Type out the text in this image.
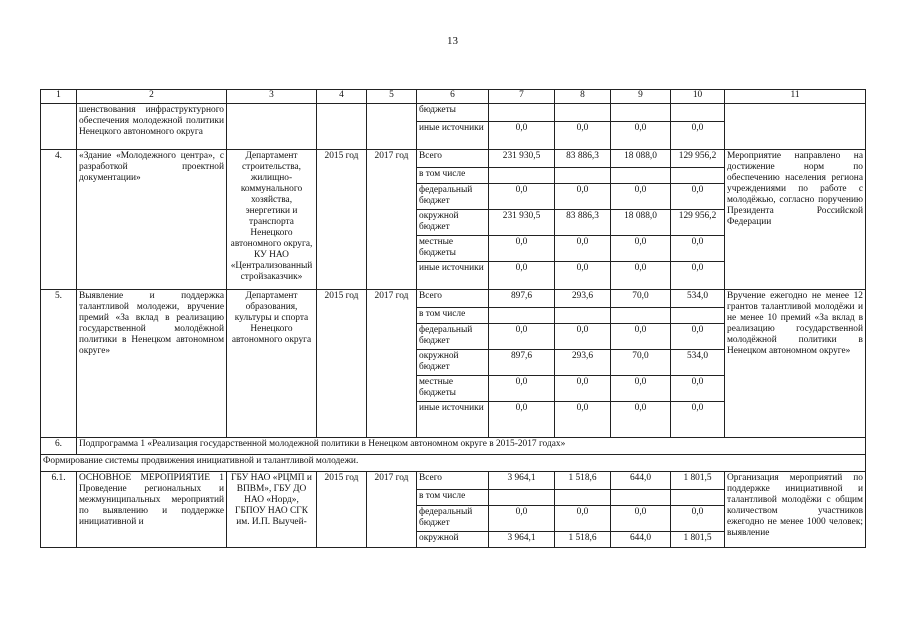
13
1	2	3	4	5	6	7	8	9	10	11
	шенствования инфраструктурного обеспечения молодежной политики Ненецкого автономного округа				бюджеты					
					иные источники	0,0	0,0	0,0	0,0	
4.	«Здание «Молодежного центра», с разработкой проектной документации»	Департамент строительства, жилищно-коммунального хозяйства, энергетики и транспорта Ненецкого автономного округа, КУ НАО «Централизованный стройзаказчик»	2015 год	2017 год	Всего	231 930,5	83 886,3	18 088,0	129 956,2	Мероприятие направлено на достижение норм по обеспечению населения региона учреждениями по работе с молодёжью, согласно поручению Президента Российской Федерации
					в том числе					
					федеральный бюджет	0,0	0,0	0,0	0,0	
					окружной бюджет	231 930,5	83 886,3	18 088,0	129 956,2	
					местные бюджеты	0,0	0,0	0,0	0,0	
					иные источники	0,0	0,0	0,0	0,0	
5.	Выявление и поддержка талантливой молодежи, вручение премий «За вклад в реализацию государственной молодёжной политики в Ненецком автономном округе»	Департамент образования, культуры и спорта Ненецкого автономного округа	2015 год	2017 год	Всего	897,6	293,6	70,0	534,0	Вручение ежегодно не менее 12 грантов талантливой молодёжи и не менее 10 премий «За вклад в реализацию государственной молодёжной политики в Ненецком автономном округе»
					в том числе					
					федеральный бюджет	0,0	0,0	0,0	0,0	
					окружной бюджет	897,6	293,6	70,0	534,0	
					местные бюджеты	0,0	0,0	0,0	0,0	
					иные источники	0,0	0,0	0,0	0,0	
6.	Подпрограмма 1 «Реализация государственной молодежной политики в Ненецком автономном округе в 2015-2017 годах»									
Формирование системы продвижения инициативной и талантливой молодежи.										
6.1.	ОСНОВНОЕ МЕРОПРИЯТИЕ 1 Проведение региональных и межмуниципальных мероприятий по выявлению и поддержке инициативной и	ГБУ НАО «РЦМП и ВПВМ», ГБУ ДО НАО «Норд», ГБПОУ НАО СГК им. И.П. Выучей-	2015 год	2017 год	Всего	3 964,1	1 518,6	644,0	1 801,5	Организация мероприятий по поддержке инициативной и талантливой молодёжи с общим количеством участников ежегодно не менее 1000 человек; выявление
					в том числе					
					федеральный бюджет	0,0	0,0	0,0	0,0	
					окружной	3 964,1	1 518,6	644,0	1 801,5	
